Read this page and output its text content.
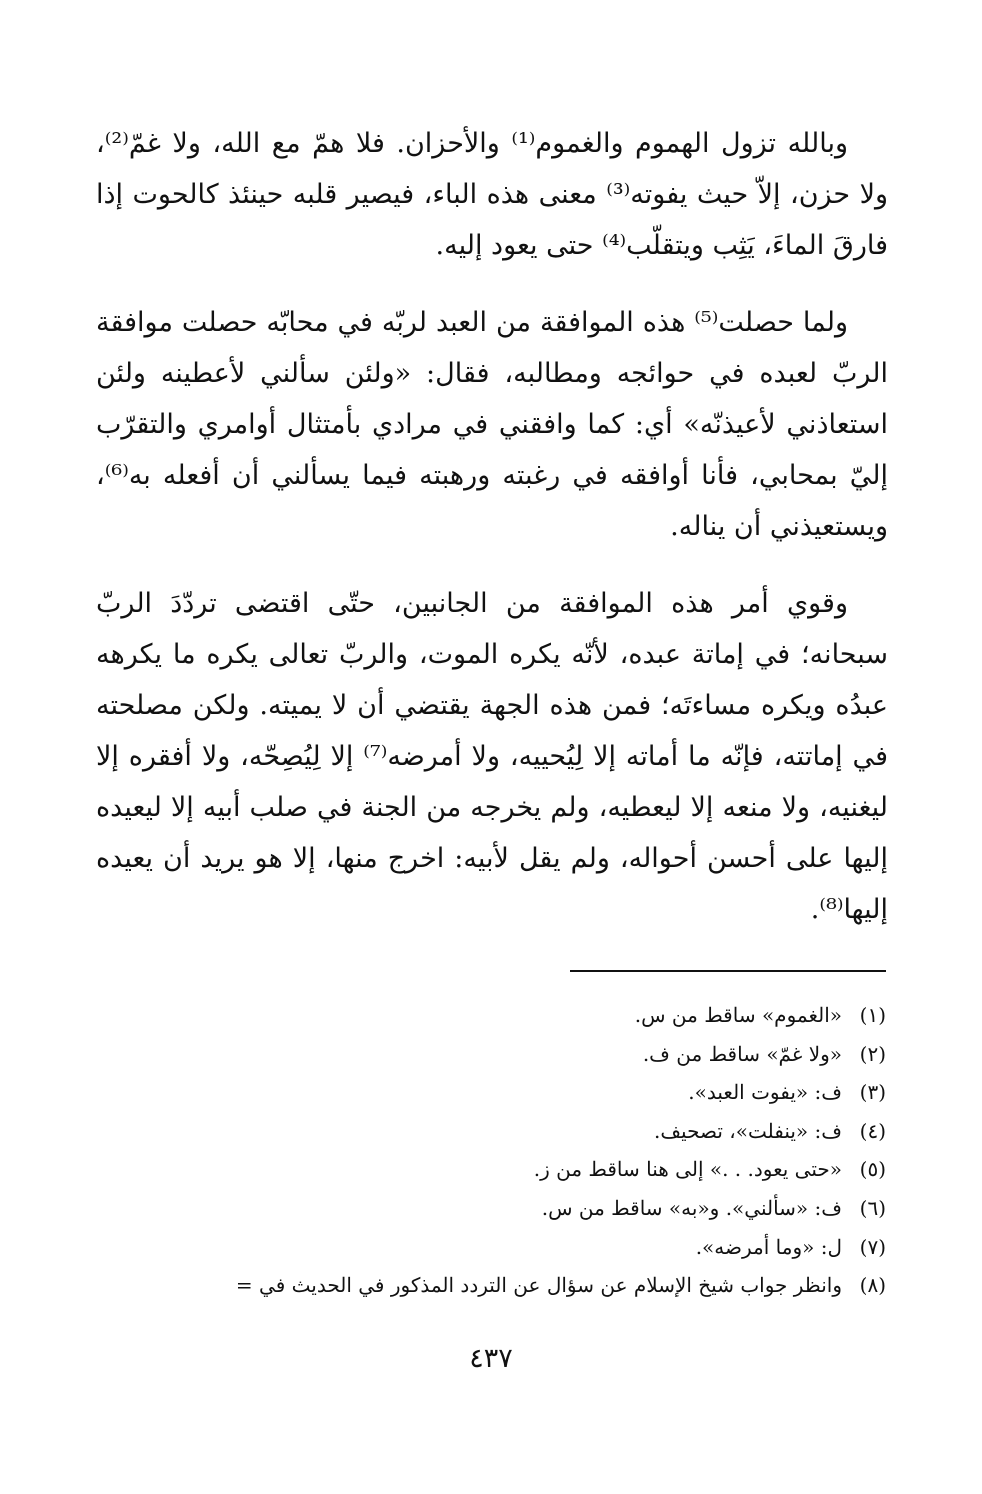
وبالله تزول الهموم والغموم⁽¹⁾ والأحزان. فلا همّ مع الله، ولا غمّ⁽²⁾، ولا حزن، إلاّ حيث يفوته⁽³⁾ معنى هذه الباء، فيصير قلبه حينئذ كالحوت إذا فارقَ الماءَ، يَثِب ويتقلّب⁽⁴⁾ حتى يعود إليه.

ولما حصلت⁽⁵⁾ هذه الموافقة من العبد لربّه في محابّه حصلت موافقة الربّ لعبده في حوائجه ومطالبه، فقال: «ولئن سألني لأعطينه ولئن استعاذني لأعيذنّه» أي: كما وافقني في مرادي بأمتثال أوامري والتقرّب إليّ بمحابي، فأنا أوافقه في رغبته ورهبته فيما يسألني أن أفعله به⁽⁶⁾، ويستعيذني أن يناله.

وقوي أمر هذه الموافقة من الجانبين، حتّى اقتضى تردّدَ الربّ سبحانه؛ في إماتة عبده، لأنّه يكره الموت، والربّ تعالى يكره ما يكرهه عبدُه ويكره مساءتَه؛ فمن هذه الجهة يقتضي أن لا يميته. ولكن مصلحته في إماتته، فإنّه ما أماته إلا لِيُحييه، ولا أمرضه⁽⁷⁾ إلا لِيُصِحّه، ولا أفقره إلا ليغنيه، ولا منعه إلا ليعطيه، ولم يخرجه من الجنة في صلب أبيه إلا ليعيده إليها على أحسن أحواله، ولم يقل لأبيه: اخرج منها، إلا هو يريد أن يعيده إليها⁽⁸⁾.

(١)«الغموم» ساقط من س.
(٢)«ولا غمّ» ساقط من ف.
(٣)ف: «يفوت العبد».
(٤)ف: «ينفلت»، تصحيف.
(٥)«حتى يعود. . .» إلى هنا ساقط من ز.
(٦)ف: «سألني». و«به» ساقط من س.
(٧)ل: «وما أمرضه».
(٨)وانظر جواب شيخ الإسلام عن سؤال عن التردد المذكور في الحديث في =
٤٣٧
